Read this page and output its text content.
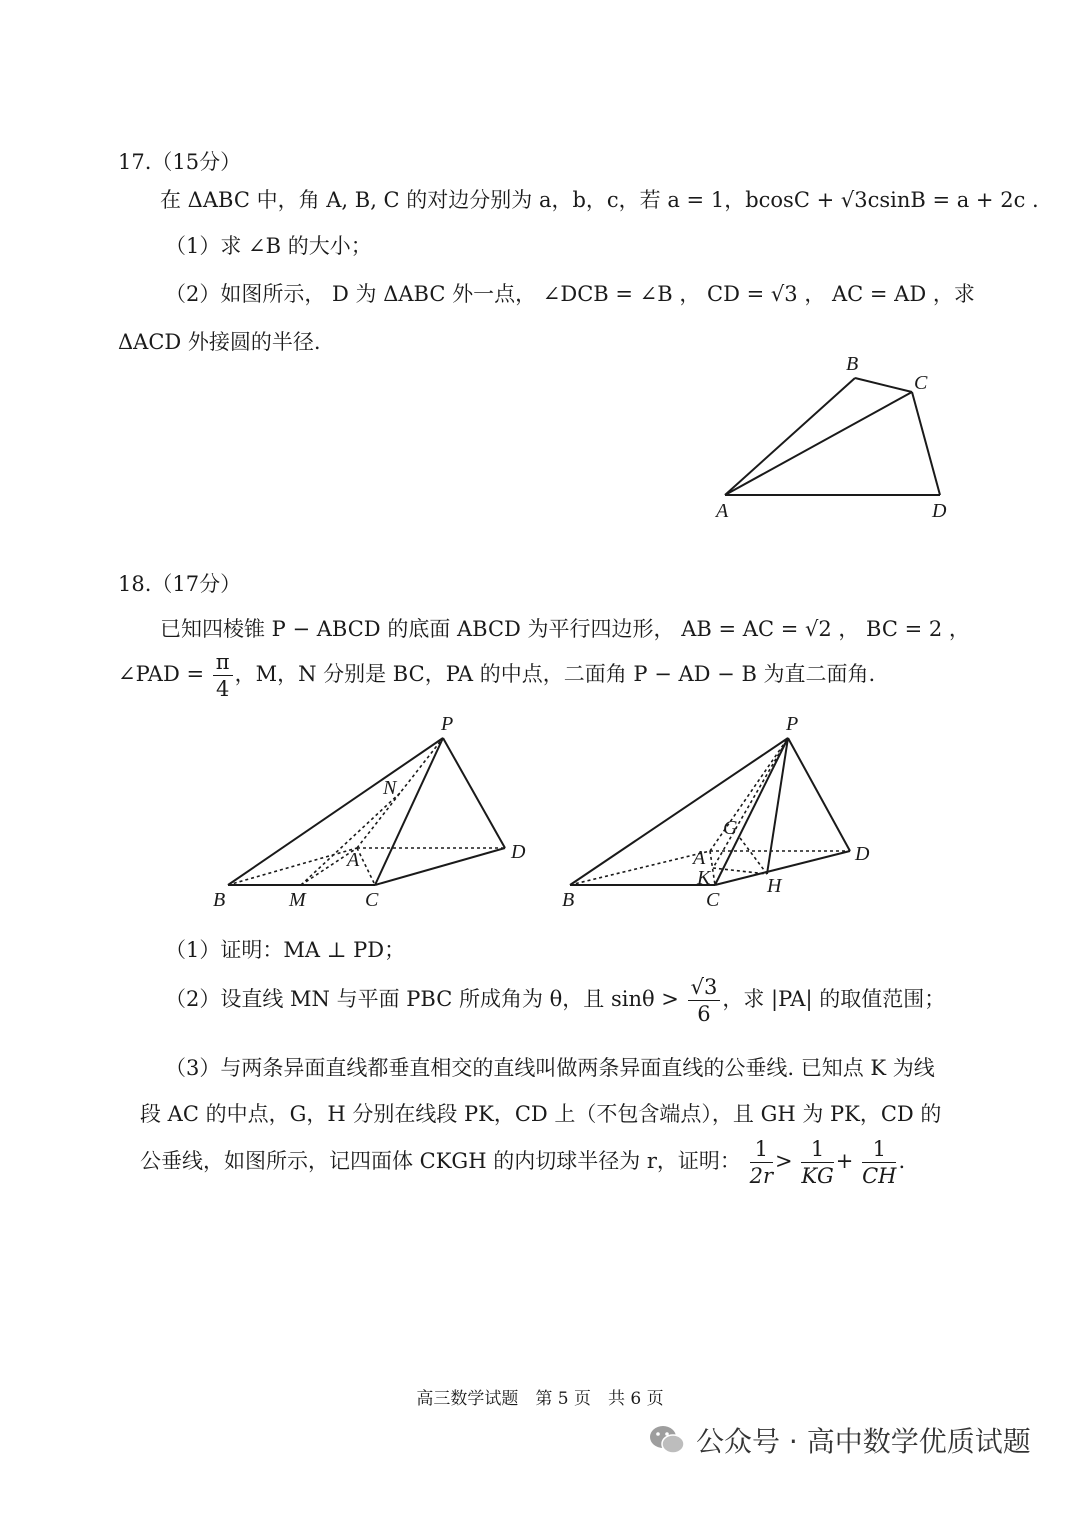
17.（15分）
在 ΔABC 中，角 A, B, C 的对边分别为 a，b，c，若 a = 1，bcosC + √3csinB = a + 2c .
（1）求 ∠B 的大小；
（2）如图所示， D 为 ΔABC 外一点， ∠DCB = ∠B ， CD = √3 ， AC = AD ，求
ΔACD 外接圆的半径.
A
B
C
D
18.（17分）
已知四棱锥 P − ABCD 的底面 ABCD 为平行四边形， AB = AC = √2 ， BC = 2 ，
∠PAD = $\frac{\pi}{4}$ ，M，N 分别是 BC，PA 的中点，二面角 P − AD − B 为直二面角.
P
N
A	D
B	M	C
P
G
A	D
K	H
B	C
（1）证明：MA ⊥ PD；
（2）设直线 MN 与平面 PBC 所成角为 θ，且 $\sin\theta > \frac{√3}{6}$ ，求 |PA| 的取值范围；
（3）与两条异面直线都垂直相交的直线叫做两条异面直线的公垂线. 已知点 K 为线
段 AC 的中点，G，H 分别在线段 PK，CD 上（不包含端点），且 GH 为 PK，CD 的
公垂线，如图所示，记四面体 CKGH 的内切球半径为 r，证明： $\frac{1}{2r} > \frac{1}{KG} + \frac{1}{CH}$ .
高三数学试题　第 5 页　共 6 页
公众号 · 高中数学优质试题
